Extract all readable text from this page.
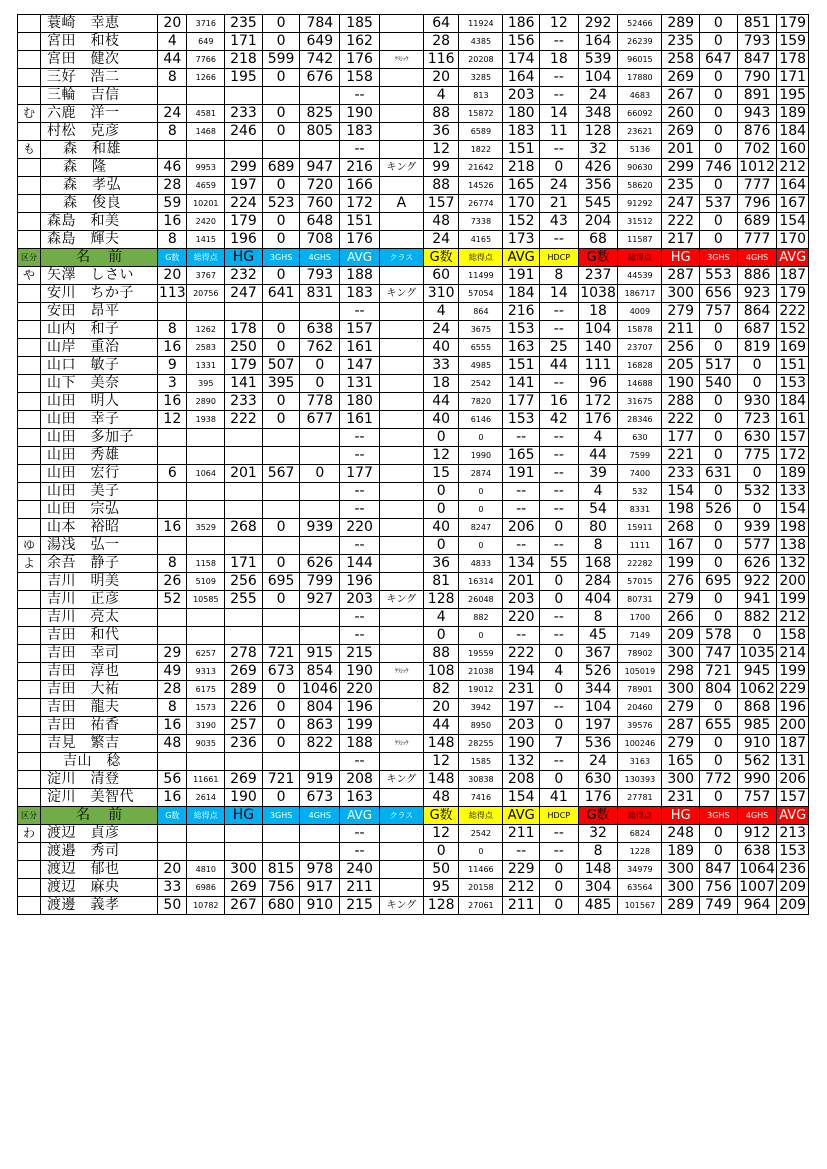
	蓑崎　幸恵	20	3716	235	0	784	185		64	11924	186	12	292	52466	289	0	851	179
	宮田　和枝	4	649	171	0	649	162		28	4385	156	--	164	26239	235	0	793	159
	宮田　健次	44	7766	218	599	742	176	ｸﾗｼｯｸ	116	20208	174	18	539	96015	258	647	847	178
	三好　浩二	8	1266	195	0	676	158		20	3285	164	--	104	17880	269	0	790	171
	三輪　吉信						--		4	813	203	--	24	4683	267	0	891	195
む	六鹿　洋一	24	4581	233	0	825	190		88	15872	180	14	348	66092	260	0	943	189
	村松　克彦	8	1468	246	0	805	183		36	6589	183	11	128	23621	269	0	876	184
も	森　和雄						--		12	1822	151	--	32	5136	201	0	702	160
	森　隆	46	9953	299	689	947	216	キング	99	21642	218	0	426	90630	299	746	1012	212
	森　孝弘	28	4659	197	0	720	166		88	14526	165	24	356	58620	235	0	777	164
	森　俊良	59	10201	224	523	760	172	A	157	26774	170	21	545	91292	247	537	796	167
	森島　和美	16	2420	179	0	648	151		48	7338	152	43	204	31512	222	0	689	154
	森島　輝夫	8	1415	196	0	708	176		24	4165	173	--	68	11587	217	0	777	170
区分	名前	G数	総得点	HG	3GHS	4GHS	AVG	クラス	G数	総得点	AVG	HDCP	G数	総得点	HG	3GHS	4GHS	AVG
や	矢澤　しさい	20	3767	232	0	793	188		60	11499	191	8	237	44539	287	553	886	187
	安川　ちか子	113	20756	247	641	831	183	キング	310	57054	184	14	1038	186717	300	656	923	179
	安田　昂平						--		4	864	216	--	18	4009	279	757	864	222
	山内　和子	8	1262	178	0	638	157		24	3675	153	--	104	15878	211	0	687	152
	山岸　重治	16	2583	250	0	762	161		40	6555	163	25	140	23707	256	0	819	169
	山口　敏子	9	1331	179	507	0	147		33	4985	151	44	111	16828	205	517	0	151
	山下　美奈	3	395	141	395	0	131		18	2542	141	--	96	14688	190	540	0	153
	山田　明人	16	2890	233	0	778	180		44	7820	177	16	172	31675	288	0	930	184
	山田　幸子	12	1938	222	0	677	161		40	6146	153	42	176	28346	222	0	723	161
	山田　多加子						--		0	0	--	--	4	630	177	0	630	157
	山田　秀雄						--		12	1990	165	--	44	7599	221	0	775	172
	山田　宏行	6	1064	201	567	0	177		15	2874	191	--	39	7400	233	631	0	189
	山田　美子						--		0	0	--	--	4	532	154	0	532	133
	山田　宗弘						--		0	0	--	--	54	8331	198	526	0	154
	山本　裕昭	16	3529	268	0	939	220		40	8247	206	0	80	15911	268	0	939	198
ゆ	湯浅　弘一						--		0	0	--	--	8	1111	167	0	577	138
よ	余吾　静子	8	1158	171	0	626	144		36	4833	134	55	168	22282	199	0	626	132
	吉川　明美	26	5109	256	695	799	196		81	16314	201	0	284	57015	276	695	922	200
	吉川　正彦	52	10585	255	0	927	203	キング	128	26048	203	0	404	80731	279	0	941	199
	吉川　亮太						--		4	882	220	--	8	1700	266	0	882	212
	吉田　和代						--		0	0	--	--	45	7149	209	578	0	158
	吉田　幸司	29	6257	278	721	915	215		88	19559	222	0	367	78902	300	747	1035	214
	吉田　淳也	49	9313	269	673	854	190	ｸﾗｼｯｸ	108	21038	194	4	526	105019	298	721	945	199
	吉田　大祐	28	6175	289	0	1046	220		82	19012	231	0	344	78901	300	804	1062	229
	吉田　龍夫	8	1573	226	0	804	196		20	3942	197	--	104	20460	279	0	868	196
	吉田　祐香	16	3190	257	0	863	199		44	8950	203	0	197	39576	287	655	985	200
	吉見　繁吉	48	9035	236	0	822	188	ｸﾗｼｯｸ	148	28255	190	7	536	100246	279	0	910	187
	吉山　稔						--		12	1585	132	--	24	3163	165	0	562	131
	淀川　清登	56	11661	269	721	919	208	キング	148	30838	208	0	630	130393	300	772	990	206
	淀川　美智代	16	2614	190	0	673	163		48	7416	154	41	176	27781	231	0	757	157
区分	名前	G数	総得点	HG	3GHS	4GHS	AVG	クラス	G数	総得点	AVG	HDCP	G数	総得点	HG	3GHS	4GHS	AVG
わ	渡辺　貞彦						--		12	2542	211	--	32	6824	248	0	912	213
	渡邉　秀司						--		0	0	--	--	8	1228	189	0	638	153
	渡辺　郁也	20	4810	300	815	978	240		50	11466	229	0	148	34979	300	847	1064	236
	渡辺　麻央	33	6986	269	756	917	211		95	20158	212	0	304	63564	300	756	1007	209
	渡邊　義孝	50	10782	267	680	910	215	キング	128	27061	211	0	485	101567	289	749	964	209
